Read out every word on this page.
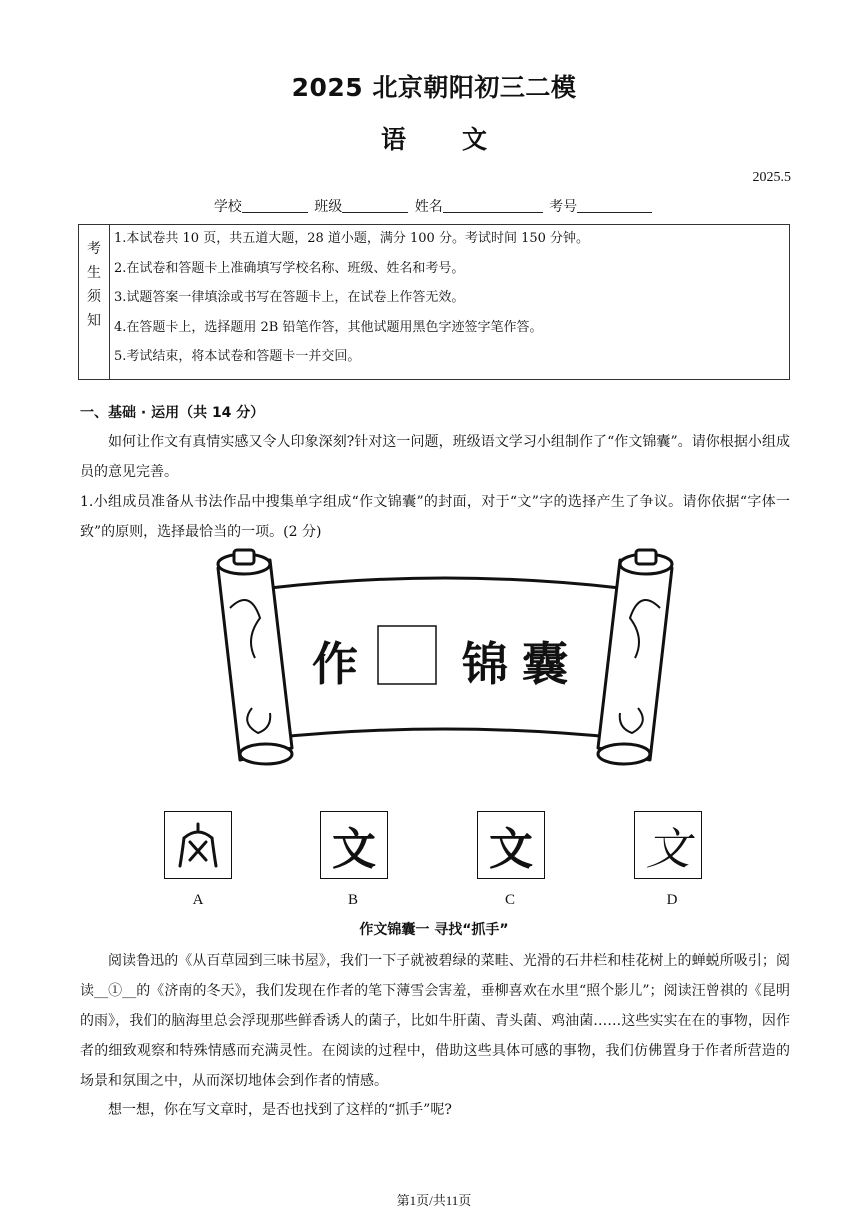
2025 北京朝阳初三二模
语 文
2025.5
学校	班级	姓名	考号
考
生
须
知

1.本试卷共 10 页，共五道大题，28 道小题，满分 100 分。考试时间 150 分钟。
2.在试卷和答题卡上准确填写学校名称、班级、姓名和考号。
3.试题答案一律填涂或书写在答题卡上，在试卷上作答无效。
4.在答题卡上，选择题用 2B 铅笔作答，其他试题用黑色字迹签字笔作答。
5.考试结束，将本试卷和答题卡一并交回。
一、基础 · 运用（共 14 分）
如何让作文有真情实感又令人印象深刻?针对这一问题，班级语文学习小组制作了“作文锦囊”。请你根据小组成员的意见完善。
1.小组成员准备从书法作品中搜集单字组成“作文锦囊”的封面，对于“文”字的选择产生了争议。请你依据“字体一致”的原则，选择最恰当的一项。(2 分)
作 锦 囊
文	文	文
A	B	C	D
作文锦囊一 寻找“抓手”
阅读鲁迅的《从百草园到三味书屋》，我们一下子就被碧绿的菜畦、光滑的石井栏和桂花树上的蝉蜕所吸引；阅读__①__的《济南的冬天》，我们发现在作者的笔下薄雪会害羞，垂柳喜欢在水里“照个影儿”；阅读汪曾祺的《昆明的雨》，我们的脑海里总会浮现那些鲜香诱人的菌子，比如牛肝菌、青头菌、鸡油菌……这些实实在在的事物，因作者的细致观察和特殊情感而充满灵性。在阅读的过程中，借助这些具体可感的事物，我们仿佛置身于作者所营造的场景和氛围之中，从而深切地体会到作者的情感。
想一想，你在写文章时，是否也找到了这样的“抓手”呢?
第1页/共11页
